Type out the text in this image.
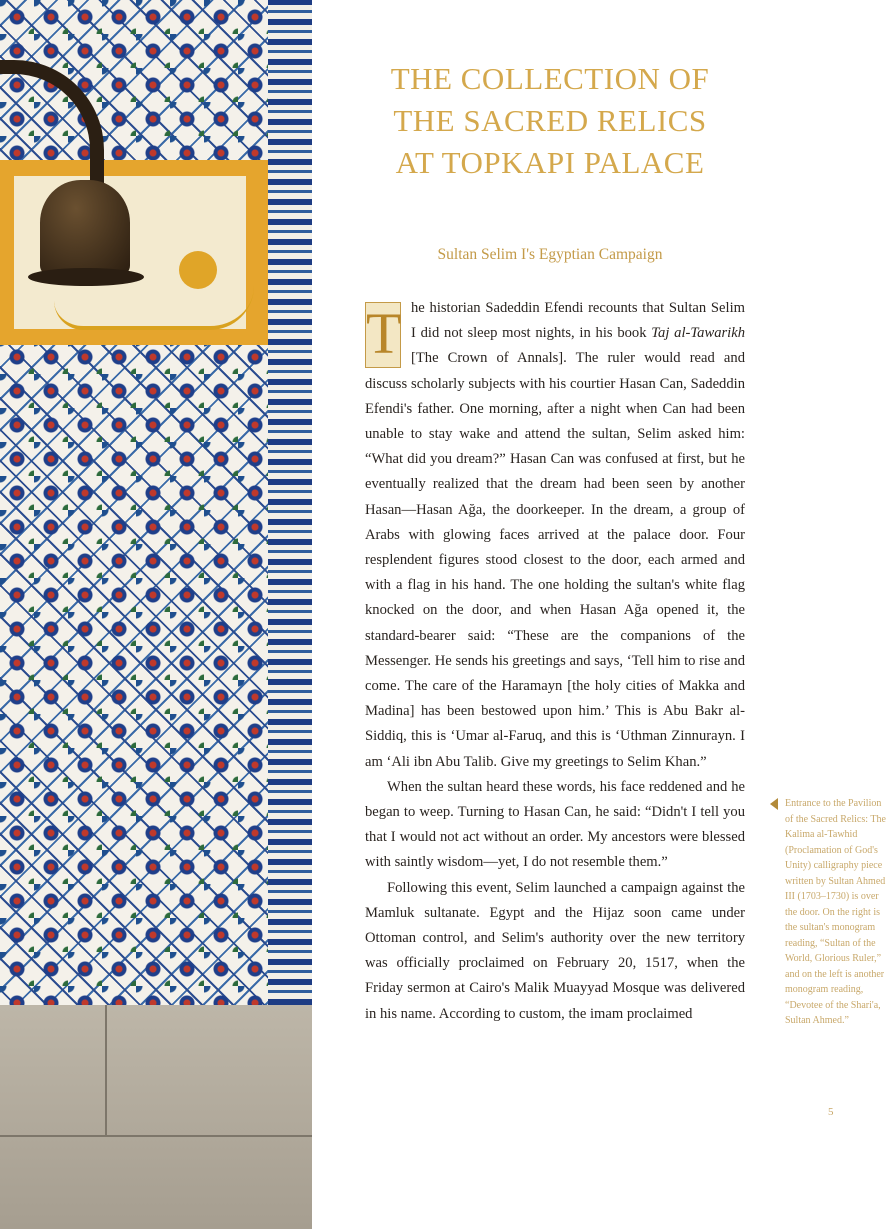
THE COLLECTION OF
THE SACRED RELICS
AT TOPKAPI PALACE
Sultan Selim I's Egyptian Campaign

T he historian Sadeddin Efendi recounts that Sultan Selim I did not sleep most nights, in his book Taj al-Tawarikh [The Crown of Annals]. The ruler would read and discuss scholarly subjects with his courtier Hasan Can, Sadeddin Efendi's father. One morning, after a night when Can had been unable to stay wake and attend the sultan, Selim asked him: “What did you dream?” Hasan Can was confused at first, but he eventually realized that the dream had been seen by another Hasan—Hasan Ağa, the doorkeeper. In the dream, a group of Arabs with glowing faces arrived at the palace door. Four resplendent figures stood closest to the door, each armed and with a flag in his hand. The one holding the sultan's white flag knocked on the door, and when Hasan Ağa opened it, the standard-bearer said: “These are the companions of the Messenger. He sends his greetings and says, ‘Tell him to rise and come. The care of the Haramayn [the holy cities of Makka and Madina] has been bestowed upon him.’ This is Abu Bakr al-Siddiq, this is ‘Umar al-Faruq, and this is ‘Uthman Zinnurayn. I am ‘Ali ibn Abu Talib. Give my greetings to Selim Khan.”

When the sultan heard these words, his face reddened and he began to weep. Turning to Hasan Can, he said: “Didn't I tell you that I would not act without an order. My ancestors were blessed with saintly wisdom—yet, I do not resemble them.”

Following this event, Selim launched a campaign against the Mamluk sultanate. Egypt and the Hijaz soon came under Ottoman control, and Selim's authority over the new territory was officially proclaimed on February 20, 1517, when the Friday sermon at Cairo's Malik Muayyad Mosque was delivered in his name. According to custom, the imam proclaimed

Entrance to the Pavilion of the Sacred Relics: The Kalima al-Tawhid (Proclamation of God's Unity) calligraphy piece written by Sultan Ahmed III (1703–1730) is over the door. On the right is the sultan's monogram reading, “Sultan of the World, Glorious Ruler,” and on the left is another monogram reading, “Devotee of the Shari'a, Sultan Ahmed.”
5
